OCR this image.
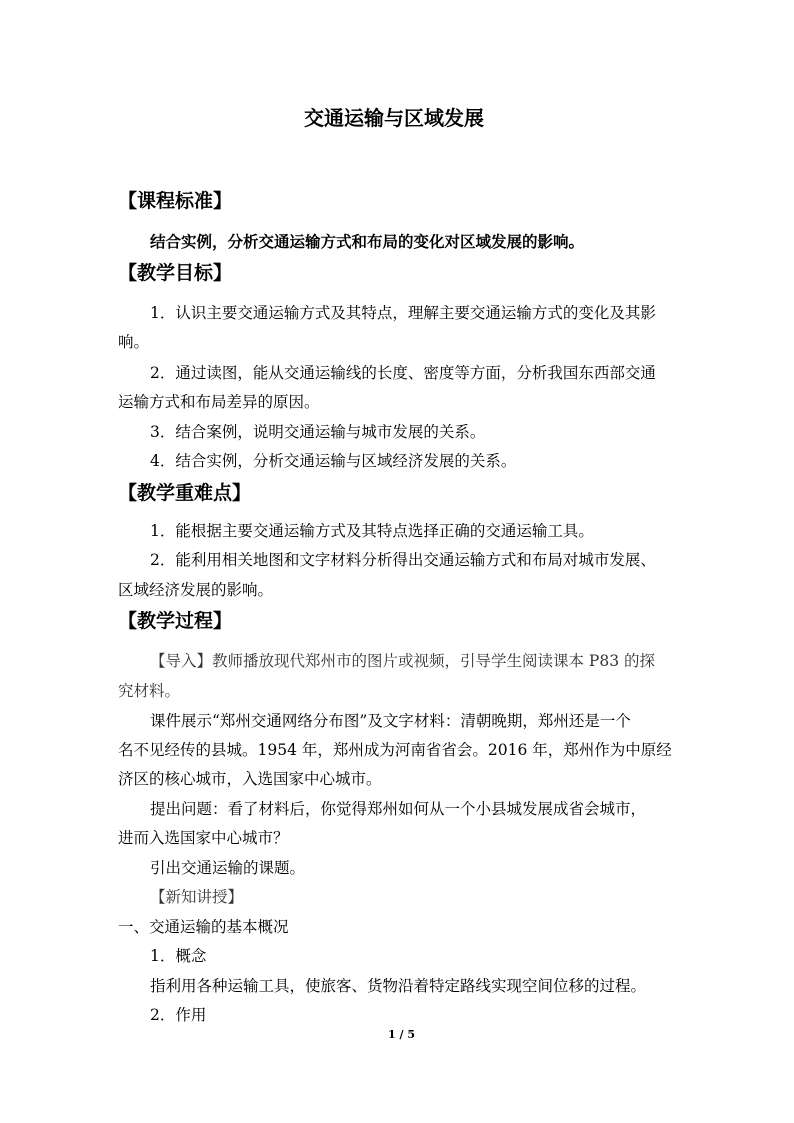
交通运输与区域发展
【课程标准】
结合实例，分析交通运输方式和布局的变化对区域发展的影响。
【教学目标】
1．认识主要交通运输方式及其特点，理解主要交通运输方式的变化及其影
响。
2．通过读图，能从交通运输线的长度、密度等方面，分析我国东西部交通
运输方式和布局差异的原因。
3．结合案例，说明交通运输与城市发展的关系。
4．结合实例，分析交通运输与区域经济发展的关系。
【教学重难点】
1．能根据主要交通运输方式及其特点选择正确的交通运输工具。
2．能利用相关地图和文字材料分析得出交通运输方式和布局对城市发展、
区域经济发展的影响。
【教学过程】
【导入】教师播放现代郑州市的图片或视频，引导学生阅读课本 P83 的探
究材料。
课件展示“郑州交通网络分布图”及文字材料：清朝晚期，郑州还是一个
名不见经传的县城。1954 年，郑州成为河南省省会。2016 年，郑州作为中原经
济区的核心城市，入选国家中心城市。
提出问题：看了材料后，你觉得郑州如何从一个小县城发展成省会城市，
进而入选国家中心城市？
引出交通运输的课题。
【新知讲授】
一、交通运输的基本概况
1．概念
指利用各种运输工具，使旅客、货物沿着特定路线实现空间位移的过程。
2．作用
1 / 5
